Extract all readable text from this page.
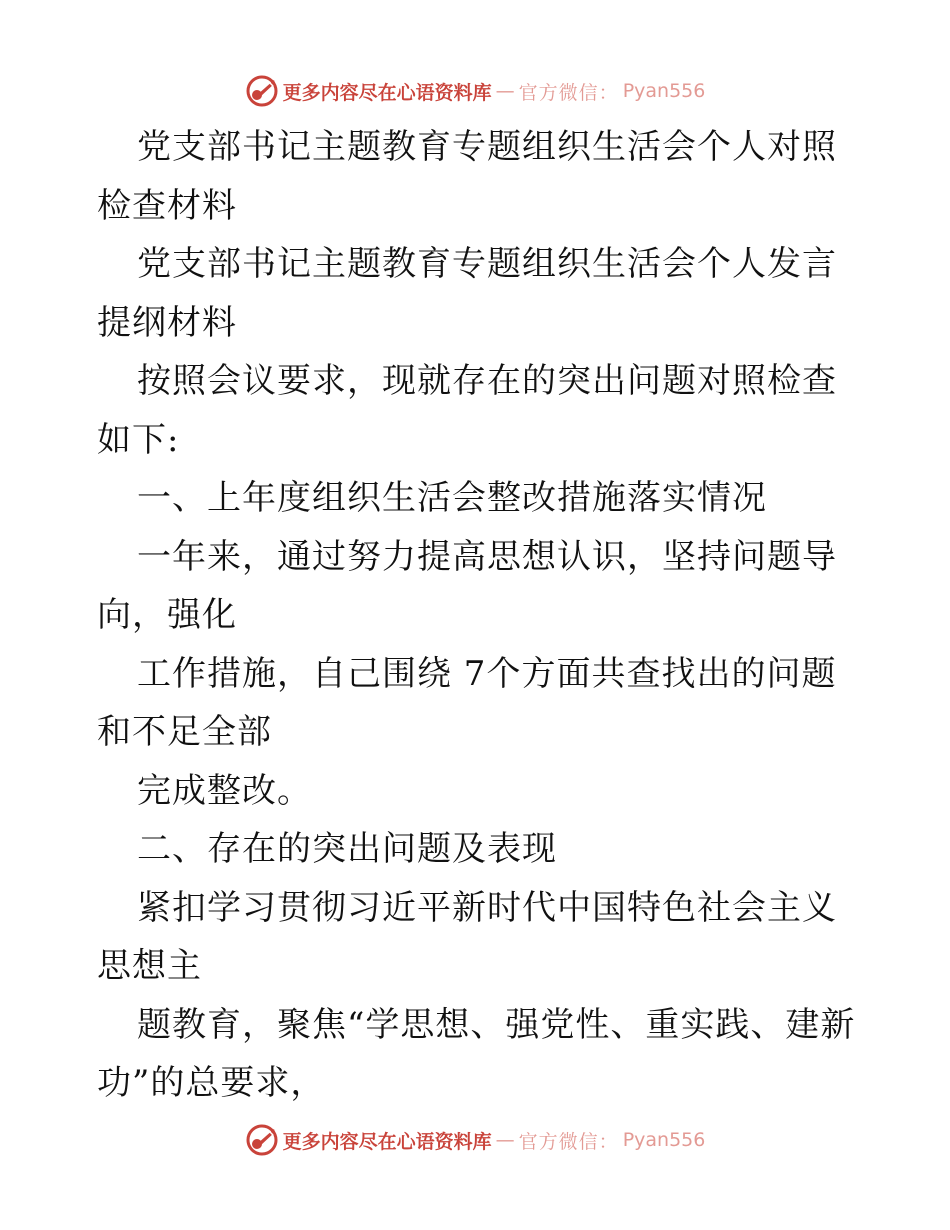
更多内容尽在心语资料库 — 官方微信： Pyan556

党支部书记主题教育专题组织生活会个人对照检查材料

党支部书记主题教育专题组织生活会个人发言提纲材料

按照会议要求，现就存在的突出问题对照检查如下:

一、上年度组织生活会整改措施落实情况

一年来，通过努力提高思想认识，坚持问题导向，强化

工作措施，自己围绕 7个方面共查找出的问题和不足全部

完成整改。

二、存在的突出问题及表现

紧扣学习贯彻习近平新时代中国特色社会主义思想主

题教育，聚焦“学思想、强党性、重实践、建新功”的总要求，

更多内容尽在心语资料库 — 官方微信： Pyan556
